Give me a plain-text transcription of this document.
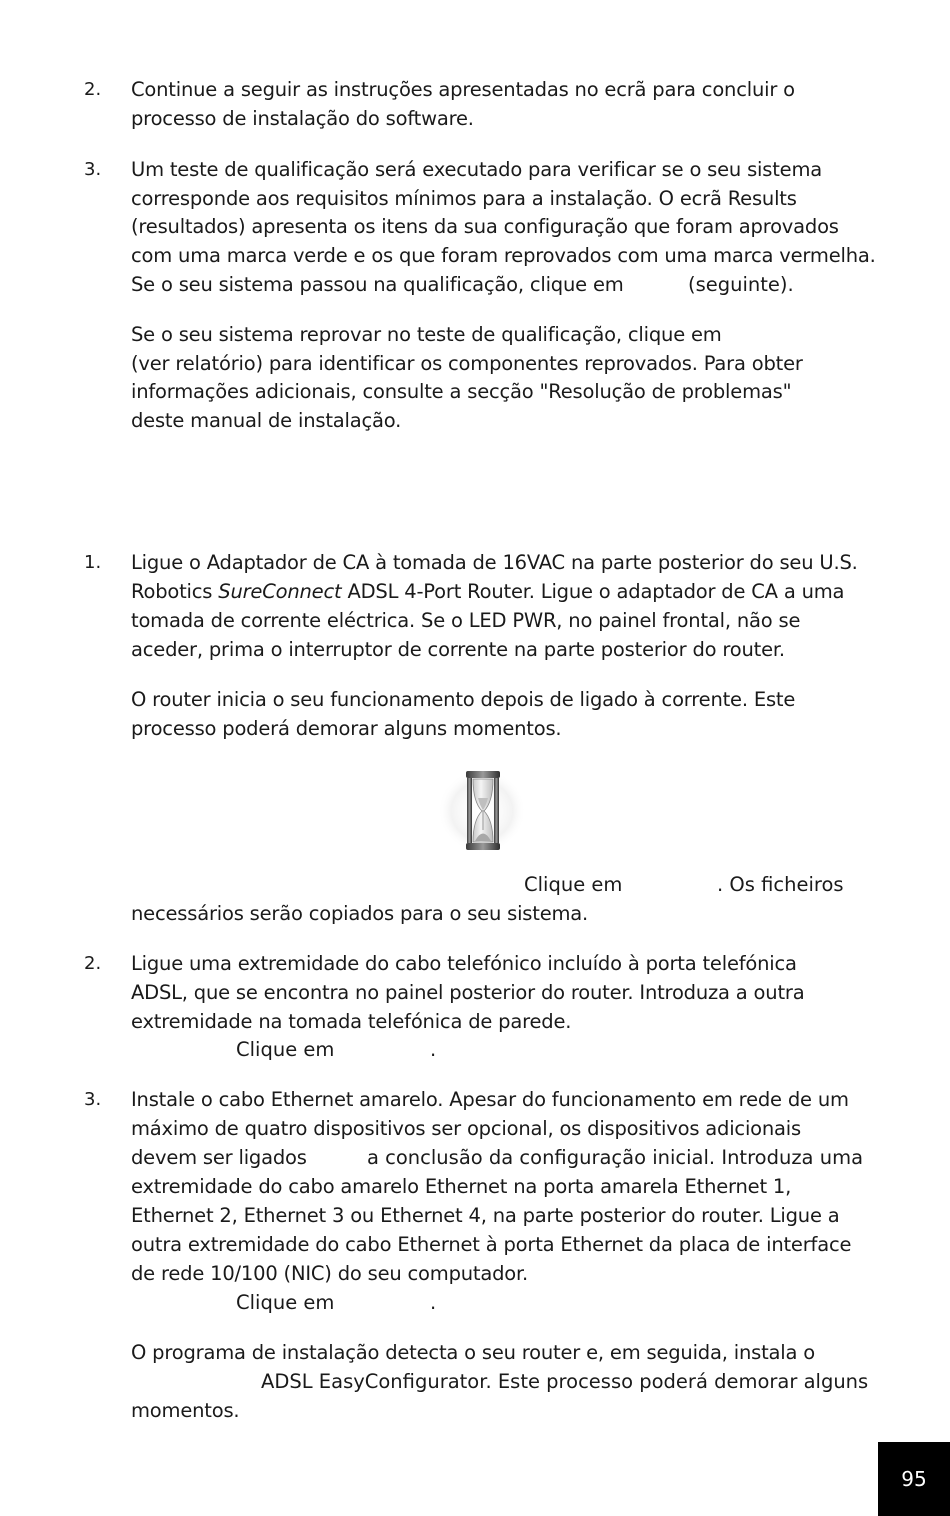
2. Continue a seguir as instruções apresentadas no ecrã para concluir o

processo de instalação do software.

3. Um teste de qualificação será executado para verificar se o seu sistema

corresponde aos requisitos mínimos para a instalação. O ecrã Results

(resultados) apresenta os itens da sua configuração que foram aprovados

com uma marca verde e os que foram reprovados com uma marca vermelha.

Se o seu sistema passou na qualificação, clique em	(seguinte).

Se o seu sistema reprovar no teste de qualificação, clique em

(ver relatório) para identificar os componentes reprovados. Para obter

informações adicionais, consulte a secção "Resolução de problemas"

deste manual de instalação.

1. Ligue o Adaptador de CA à tomada de 16VAC na parte posterior do seu U.S.

Robotics SureConnect ADSL 4-Port Router. Ligue o adaptador de CA a uma

tomada de corrente eléctrica. Se o LED PWR, no painel frontal, não se

aceder, prima o interruptor de corrente na parte posterior do router.

O router inicia o seu funcionamento depois de ligado à corrente. Este

processo poderá demorar alguns momentos.

Clique em	. Os ficheiros

necessários serão copiados para o seu sistema.

2. Ligue uma extremidade do cabo telefónico incluído à porta telefónica

ADSL, que se encontra no painel posterior do router. Introduza a outra

extremidade na tomada telefónica de parede.

Clique em	.
3. Instale o cabo Ethernet amarelo. Apesar do funcionamento em rede de um

máximo de quatro dispositivos ser opcional, os dispositivos adicionais

devem ser ligados	a conclusão da configuração inicial. Introduza uma

extremidade do cabo amarelo Ethernet na porta amarela Ethernet 1,

Ethernet 2, Ethernet 3 ou Ethernet 4, na parte posterior do router. Ligue a

outra extremidade do cabo Ethernet à porta Ethernet da placa de interface

de rede 10/100 (NIC) do seu computador.

Clique em	.

O programa de instalação detecta o seu router e, em seguida, instala o

ADSL EasyConfigurator. Este processo poderá demorar alguns

momentos.

95
